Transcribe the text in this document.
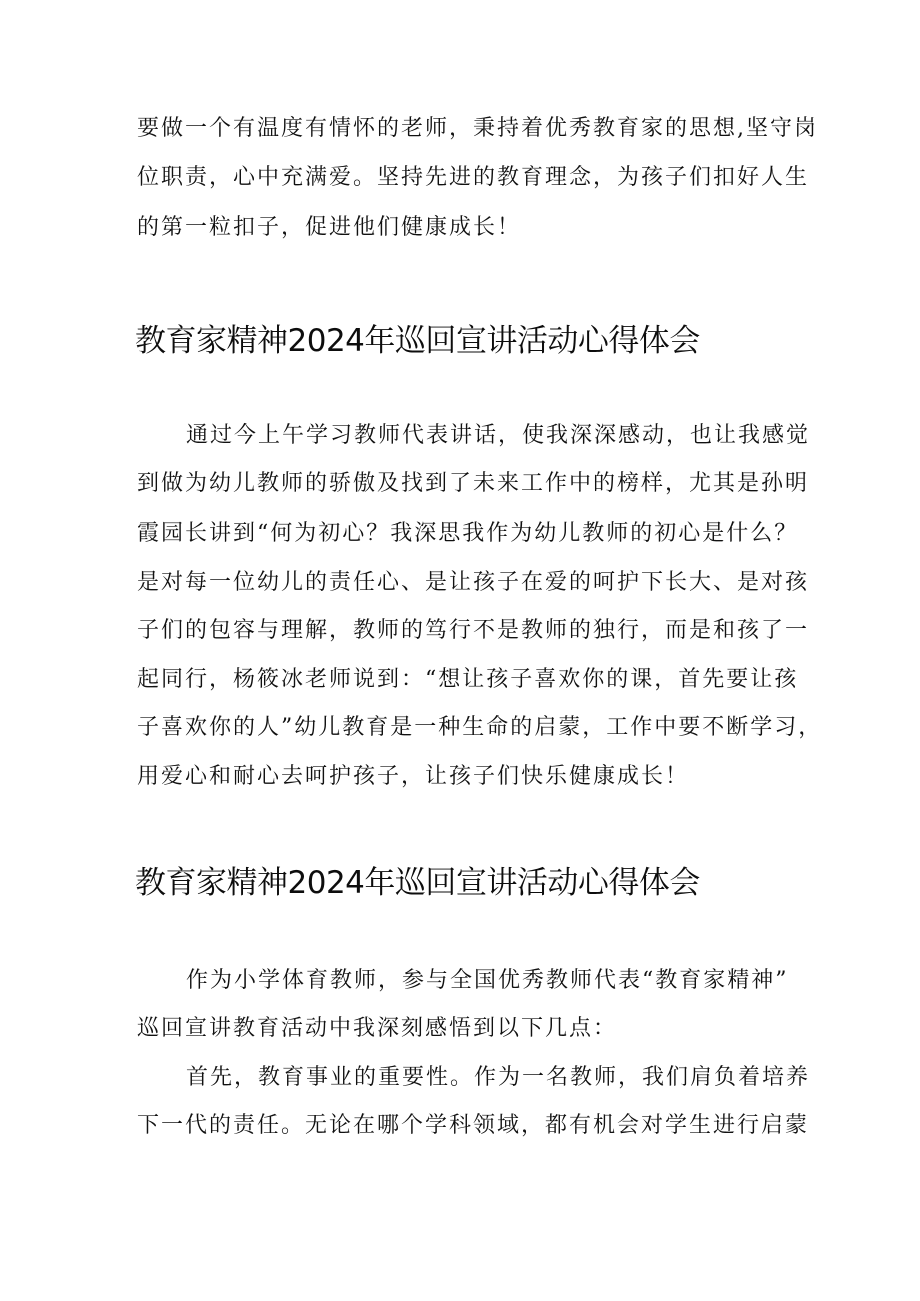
要做一个有温度有情怀的老师，秉持着优秀教育家的思想,坚守岗
位职责，心中充满爱。坚持先进的教育理念，为孩子们扣好人生
的第一粒扣子，促进他们健康成长！
教育家精神2024年巡回宣讲活动心得体会
通过今上午学习教师代表讲话，使我深深感动，也让我感觉
到做为幼儿教师的骄傲及找到了未来工作中的榜样，尤其是孙明
霞园长讲到“何为初心？我深思我作为幼儿教师的初心是什么？
是对每一位幼儿的责任心、是让孩子在爱的呵护下长大、是对孩
子们的包容与理解，教师的笃行不是教师的独行，而是和孩了一
起同行，杨筱冰老师说到：“想让孩子喜欢你的课，首先要让孩
子喜欢你的人”幼儿教育是一种生命的启蒙，工作中要不断学习，
用爱心和耐心去呵护孩子，让孩子们快乐健康成长！
教育家精神2024年巡回宣讲活动心得体会
作为小学体育教师，参与全国优秀教师代表“教育家精神”
巡回宣讲教育活动中我深刻感悟到以下几点：
首先，教育事业的重要性。作为一名教师，我们肩负着培养
下一代的责任。无论在哪个学科领域，都有机会对学生进行启蒙
